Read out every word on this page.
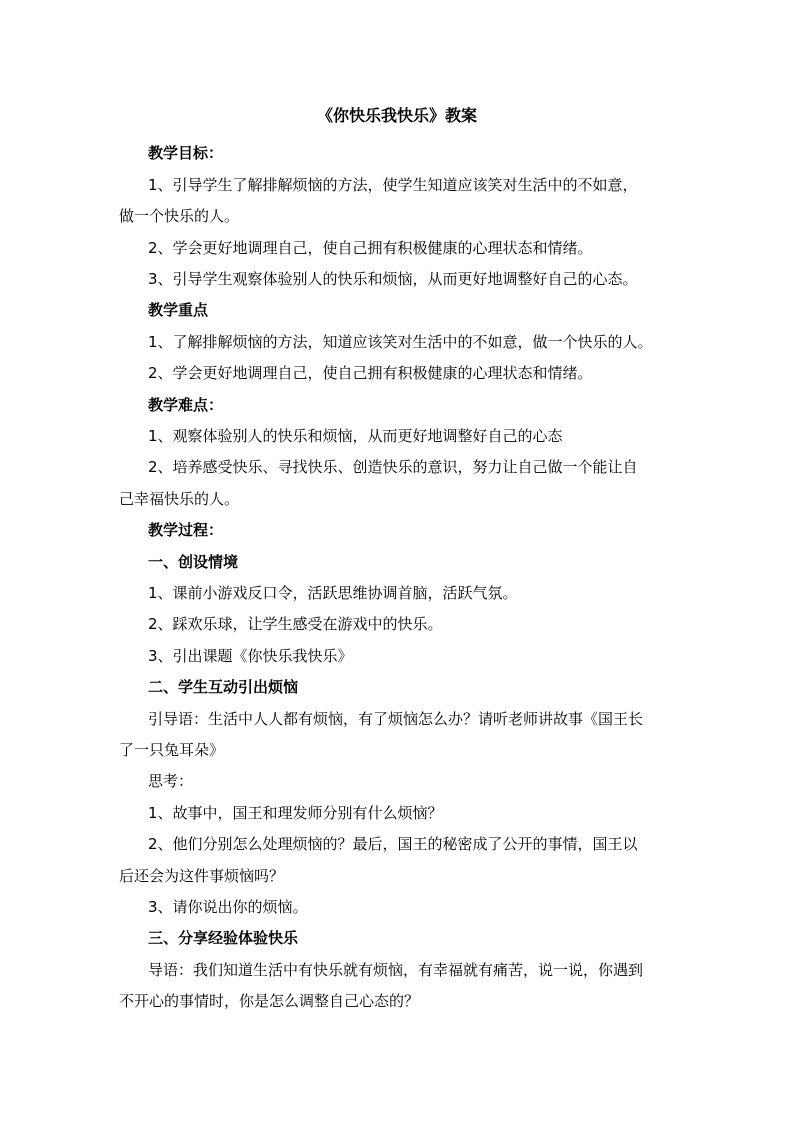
《你快乐我快乐》教案
教学目标：
1、引导学生了解排解烦恼的方法，使学生知道应该笑对生活中的不如意，
做一个快乐的人。
2、学会更好地调理自己，使自己拥有积极健康的心理状态和情绪。
3、引导学生观察体验别人的快乐和烦恼，从而更好地调整好自己的心态。
教学重点
1、了解排解烦恼的方法，知道应该笑对生活中的不如意，做一个快乐的人。
2、学会更好地调理自己，使自己拥有积极健康的心理状态和情绪。
教学难点：
1、观察体验别人的快乐和烦恼，从而更好地调整好自己的心态
2、培养感受快乐、寻找快乐、创造快乐的意识，努力让自己做一个能让自
己幸福快乐的人。
教学过程：
一、创设情境
1、课前小游戏反口令，活跃思维协调首脑，活跃气氛。
2、踩欢乐球，让学生感受在游戏中的快乐。
3、引出课题《你快乐我快乐》
二、学生互动引出烦恼
引导语：生活中人人都有烦恼，有了烦恼怎么办？请听老师讲故事《国王长
了一只兔耳朵》
思考：
1、故事中，国王和理发师分别有什么烦恼？
2、他们分别怎么处理烦恼的？最后，国王的秘密成了公开的事情，国王以
后还会为这件事烦恼吗？
3、请你说出你的烦恼。
三、分享经验体验快乐
导语：我们知道生活中有快乐就有烦恼，有幸福就有痛苦，说一说，你遇到
不开心的事情时，你是怎么调整自己心态的？
